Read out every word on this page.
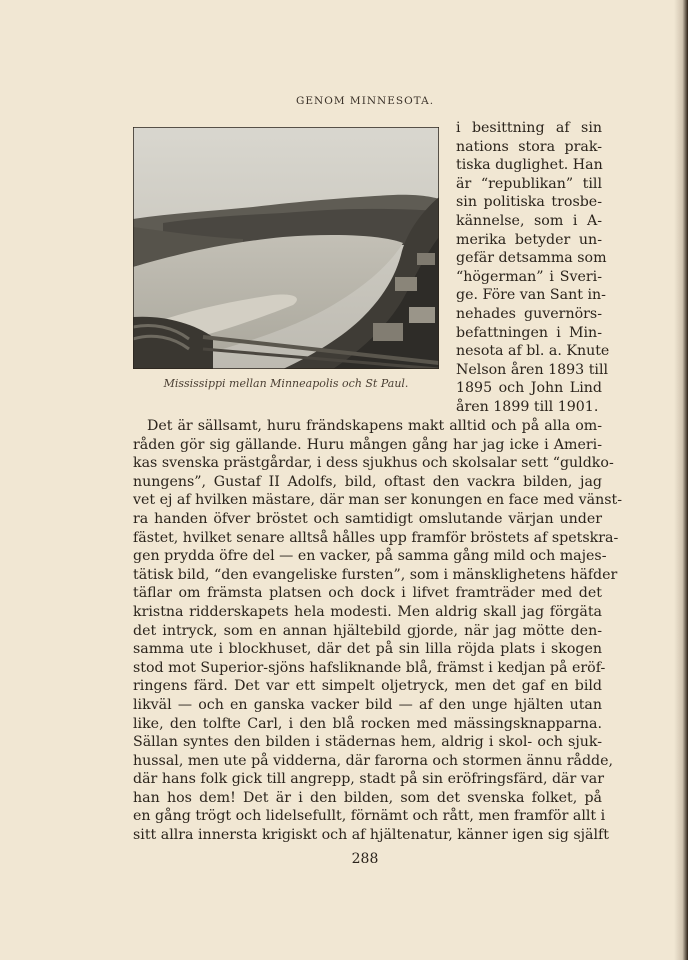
GENOM MINNESOTA.
Mississippi mellan Minneapolis och St Paul.
i besittning af sin
nations stora prak-
tiska duglighet. Han
är “republikan” till
sin politiska trosbe-
kännelse, som i A-
merika betyder un-
gefär detsamma som
“högerman” i Sveri-
ge. Före van Sant in-
nehades guvernörs-
befattningen i Min-
nesota af bl. a. Knute
Nelson åren 1893 till
1895 och John Lind
åren 1899 till 1901.
Det är sällsamt, huru frändskapens makt alltid och på alla om-
råden gör sig gällande. Huru mången gång har jag icke i Ameri-
kas svenska prästgårdar, i dess sjukhus och skolsalar sett “guldko-
nungens”, Gustaf II Adolfs, bild, oftast den vackra bilden, jag
vet ej af hvilken mästare, där man ser konungen en face med vänst-
ra handen öfver bröstet och samtidigt omslutande värjan under
fästet, hvilket senare alltså hålles upp framför bröstets af spetskra-
gen prydda öfre del — en vacker, på samma gång mild och majes-
tätisk bild, “den evangeliske fursten”, som i mänsklighetens häfder
täflar om främsta platsen och dock i lifvet framträder med det
kristna ridderskapets hela modesti. Men aldrig skall jag förgäta
det intryck, som en annan hjältebild gjorde, när jag mötte den-
samma ute i blockhuset, där det på sin lilla röjda plats i skogen
stod mot Superior-sjöns hafsliknande blå, främst i kedjan på eröf-
ringens färd. Det var ett simpelt oljetryck, men det gaf en bild
likväl — och en ganska vacker bild — af den unge hjälten utan
like, den tolfte Carl, i den blå rocken med mässingsknapparna.
Sällan syntes den bilden i städernas hem, aldrig i skol- och sjuk-
hussal, men ute på vidderna, där farorna och stormen ännu rådde,
där hans folk gick till angrepp, stadt på sin eröfringsfärd, där var
han hos dem! Det är i den bilden, som det svenska folket, på
en gång trögt och lidelsefullt, förnämt och rått, men framför allt i
sitt allra innersta krigiskt och af hjältenatur, känner igen sig själft
288
